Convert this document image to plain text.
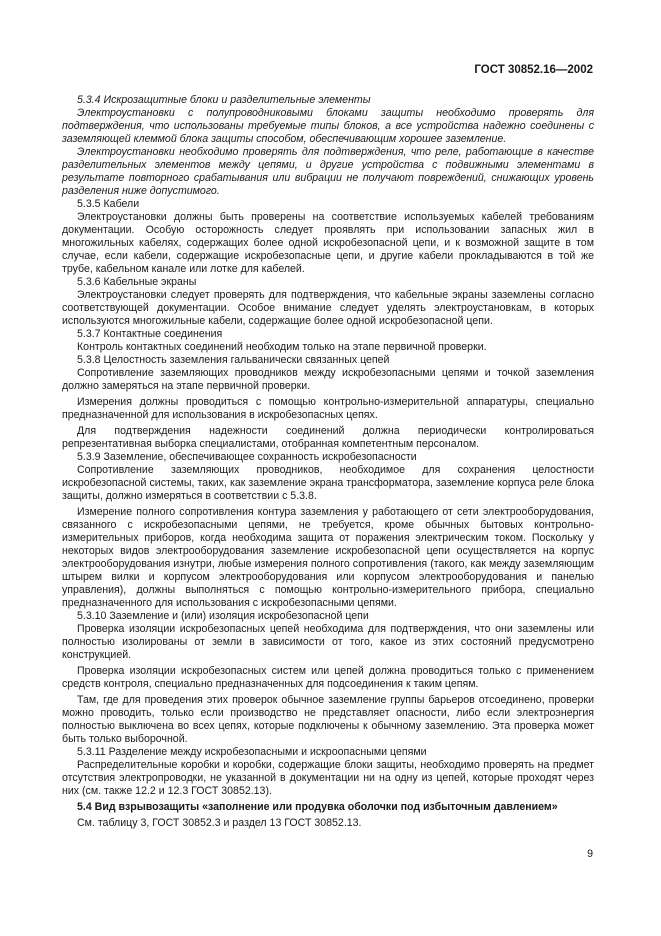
ГОСТ 30852.16—2002

5.3.4 Искрозащитные блоки и разделительные элементы

Электроустановки с полупроводниковыми блоками защиты необходимо проверять для подтверждения, что использованы требуемые типы блоков, а все устройства надежно соединены с заземляющей клеммой блока защиты способом, обеспечивающим хорошее заземление.

Электроустановки необходимо проверять для подтверждения, что реле, работающие в качестве разделительных элементов между цепями, и другие устройства с подвижными элементами в результате повторного срабатывания или вибрации не получают повреждений, снижающих уровень разделения ниже допустимого.

5.3.5 Кабели

Электроустановки должны быть проверены на соответствие используемых кабелей требованиям документации. Особую осторожность следует проявлять при использовании запасных жил в многожильных кабелях, содержащих более одной искробезопасной цепи, и к возможной защите в том случае, если кабели, содержащие искробезопасные цепи, и другие кабели прокладываются в той же трубе, кабельном канале или лотке для кабелей.

5.3.6 Кабельные экраны

Электроустановки следует проверять для подтверждения, что кабельные экраны заземлены согласно соответствующей документации. Особое внимание следует уделять электроустановкам, в которых используются многожильные кабели, содержащие более одной искробезопасной цепи.

5.3.7 Контактные соединения

Контроль контактных соединений необходим только на этапе первичной проверки.

5.3.8 Целостность заземления гальванически связанных цепей

Сопротивление заземляющих проводников между искробезопасными цепями и точкой заземления должно замеряться на этапе первичной проверки.

Измерения должны проводиться с помощью контрольно-измерительной аппаратуры, специально предназначенной для использования в искробезопасных цепях.

Для подтверждения надежности соединений должна периодически контролироваться репрезентативная выборка специалистами, отобранная компетентным персоналом.

5.3.9 Заземление, обеспечивающее сохранность искробезопасности

Сопротивление заземляющих проводников, необходимое для сохранения целостности искробезопасной системы, таких, как заземление экрана трансформатора, заземление корпуса реле блока защиты, должно измеряться в соответствии с 5.3.8.

Измерение полного сопротивления контура заземления у работающего от сети электрооборудования, связанного с искробезопасными цепями, не требуется, кроме обычных бытовых контрольно-измерительных приборов, когда необходима защита от поражения электрическим током. Поскольку у некоторых видов электрооборудования заземление искробезопасной цепи осуществляется на корпус электрооборудования изнутри, любые измерения полного сопротивления (такого, как между заземляющим штырем вилки и корпусом электрооборудования или корпусом электрооборудования и панелью управления), должны выполняться с помощью контрольно-измерительного прибора, специально предназначенного для использования с искробезопасными цепями.

5.3.10 Заземление и (или) изоляция искробезопасной цепи

Проверка изоляции искробезопасных цепей необходима для подтверждения, что они заземлены или полностью изолированы от земли в зависимости от того, какое из этих состояний предусмотрено конструкцией.

Проверка изоляции искробезопасных систем или цепей должна проводиться только с применением средств контроля, специально предназначенных для подсоединения к таким цепям.

Там, где для проведения этих проверок обычное заземление группы барьеров отсоединено, проверки можно проводить, только если производство не представляет опасности, либо если электроэнергия полностью выключена во всех цепях, которые подключены к обычному заземлению. Эта проверка может быть только выборочной.

5.3.11 Разделение между искробезопасными и искроопасными цепями

Распределительные коробки и коробки, содержащие блоки защиты, необходимо проверять на предмет отсутствия электропроводки, не указанной в документации ни на одну из цепей, которые проходят через них (см. также 12.2 и 12.3 ГОСТ 30852.13).

5.4 Вид взрывозащиты «заполнение или продувка оболочки под избыточным давлением»

См. таблицу 3, ГОСТ 30852.3 и раздел 13 ГОСТ 30852.13.

9
